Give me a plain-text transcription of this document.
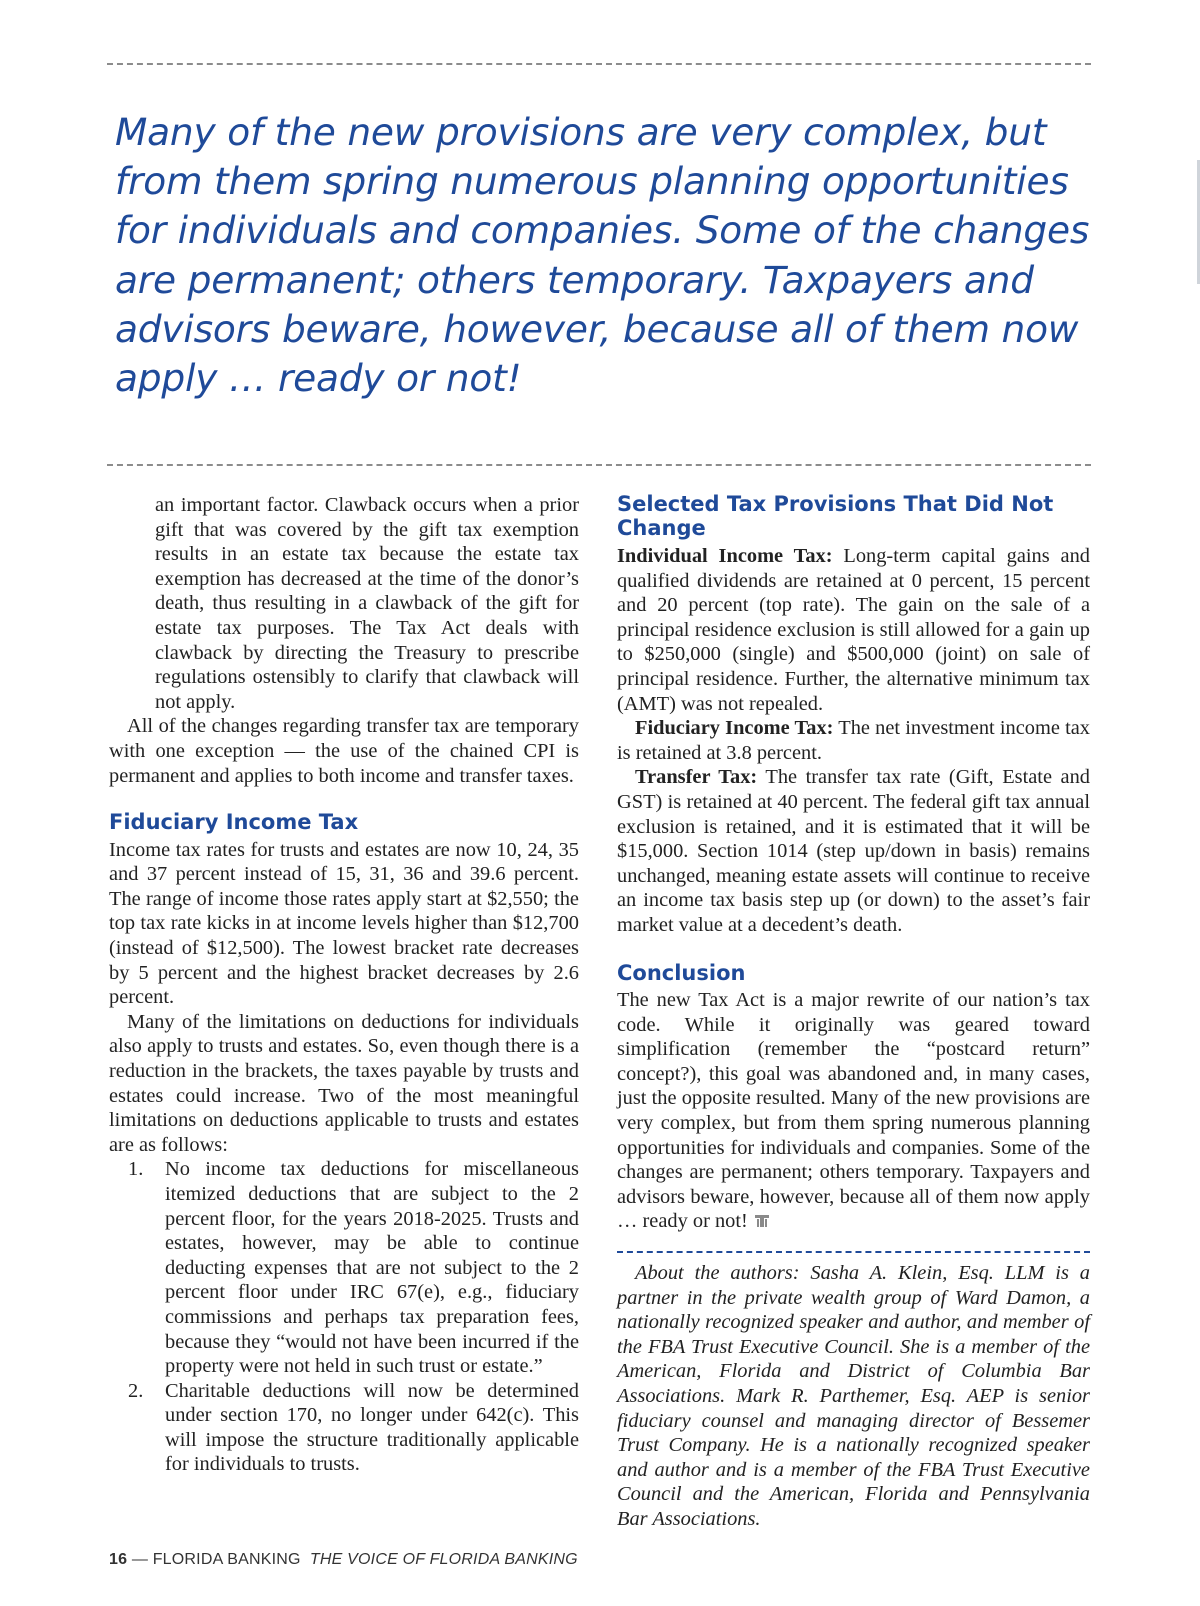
Many of the new provisions are very complex, but from them spring numerous planning opportunities for individuals and companies. Some of the changes are permanent; others temporary. Taxpayers and advisors beware, however, because all of them now apply … ready or not!

an important factor. Clawback occurs when a prior gift that was covered by the gift tax exemption results in an estate tax because the estate tax exemption has decreased at the time of the donor’s death, thus resulting in a clawback of the gift for estate tax purposes. The Tax Act deals with clawback by directing the Treasury to prescribe regulations ostensibly to clarify that clawback will not apply.

All of the changes regarding transfer tax are temporary with one exception — the use of the chained CPI is permanent and applies to both income and transfer taxes.

Fiduciary Income Tax

Income tax rates for trusts and estates are now 10, 24, 35 and 37 percent instead of 15, 31, 36 and 39.6 percent. The range of income those rates apply start at $2,550; the top tax rate kicks in at income levels higher than $12,700 (instead of $12,500). The lowest bracket rate decreases by 5 percent and the highest bracket decreases by 2.6 percent.

Many of the limitations on deductions for individuals also apply to trusts and estates. So, even though there is a reduction in the brackets, the taxes payable by trusts and estates could increase. Two of the most meaningful limitations on deductions applicable to trusts and estates are as follows:

1. No income tax deductions for miscellaneous itemized deductions that are subject to the 2 percent floor, for the years 2018-2025. Trusts and estates, however, may be able to continue deducting expenses that are not subject to the 2 percent floor under IRC 67(e), e.g., fiduciary commissions and perhaps tax preparation fees, because they “would not have been incurred if the property were not held in such trust or estate.”
2. Charitable deductions will now be determined under section 170, no longer under 642(c). This will impose the structure traditionally applicable for individuals to trusts.
Selected Tax Provisions That Did Not Change

Individual Income Tax: Long-term capital gains and qualified dividends are retained at 0 percent, 15 percent and 20 percent (top rate). The gain on the sale of a principal residence exclusion is still allowed for a gain up to $250,000 (single) and $500,000 (joint) on sale of principal residence. Further, the alternative minimum tax (AMT) was not repealed.

Fiduciary Income Tax: The net investment income tax is retained at 3.8 percent.

Transfer Tax: The transfer tax rate (Gift, Estate and GST) is retained at 40 percent. The federal gift tax annual exclusion is retained, and it is estimated that it will be $15,000. Section 1014 (step up/down in basis) remains unchanged, meaning estate assets will continue to receive an income tax basis step up (or down) to the asset’s fair market value at a decedent’s death.

Conclusion

The new Tax Act is a major rewrite of our nation’s tax code. While it originally was geared toward simplification (remember the “postcard return” concept?), this goal was abandoned and, in many cases, just the opposite resulted. Many of the new provisions are very complex, but from them spring numerous planning opportunities for individuals and companies. Some of the changes are permanent; others temporary. Taxpayers and advisors beware, however, because all of them now apply … ready or not!

About the authors: Sasha A. Klein, Esq. LLM is a partner in the private wealth group of Ward Damon, a nationally recognized speaker and author, and member of the FBA Trust Executive Council. She is a member of the American, Florida and District of Columbia Bar Associations. Mark R. Parthemer, Esq. AEP is senior fiduciary counsel and managing director of Bessemer Trust Company. He is a nationally recognized speaker and author and is a member of the FBA Trust Executive Council and the American, Florida and Pennsylvania Bar Associations.

16 — FLORIDA BANKING THE VOICE OF FLORIDA BANKING
